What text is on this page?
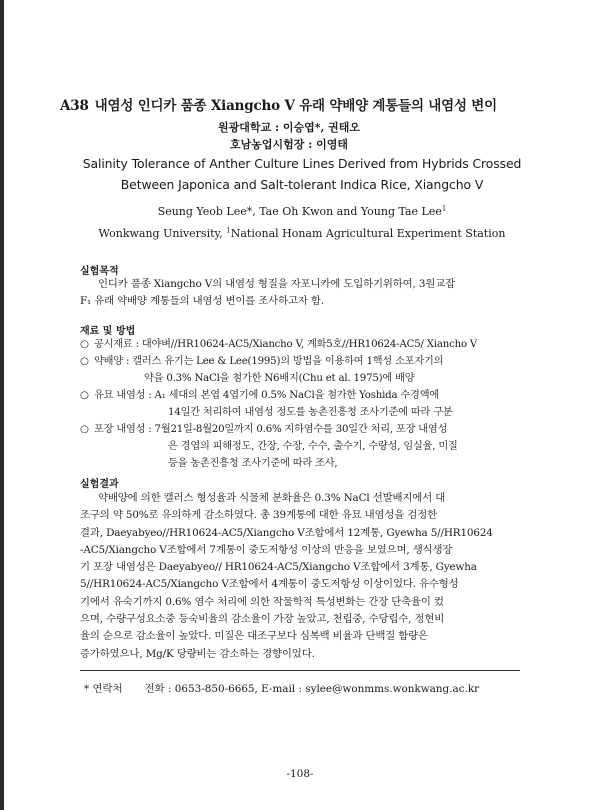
A38 내염성 인디카 품종 Xiangcho V 유래 약배양 계통들의 내염성 변이
원광대학교 : 이승엽*, 권태오
호남농업시험장 : 이영태
Salinity Tolerance of Anther Culture Lines Derived from Hybrids Crossed
Between Japonica and Salt-tolerant Indica Rice, Xiangcho V
Seung Yeob Lee*, Tae Oh Kwon and Young Tae Lee$^1$
Wonkwang University, $^1$National Honam Agricultural Experiment Station
실험목적
인디카 품종 Xiangcho V의 내염성 형질을 자포니카에 도입하기위하여, 3원교잡
F₁ 유래 약배양 계통들의 내염성 변이를 조사하고자 함.
재료 및 방법
○ 공시재료 : 대야벼//HR10624-AC5/Xiancho V, 계화5호//HR10624-AC5/ Xiancho V
○ 약배양 : 캘러스 유기는 Lee & Lee(1995)의 방법을 이용하여 1핵성 소포자기의
약을 0.3% NaCl을 첨가한 N6배지(Chu et al. 1975)에 배양
○ 유묘 내염성 : A₁ 세대의 본엽 4엽기에 0.5% NaCl을 첨가한 Yoshida 수경액에
14일간 처리하여 내염성 정도를 농촌진흥청 조사기준에 따라 구분
○ 포장 내염성 : 7월21일-8월20일까지 0.6% 지하염수를 30일간 처리, 포장 내염성
은 경엽의 피해정도, 간장, 수장, 수수, 출수기, 수량성, 임실율, 미질
등을 농촌진흥청 조사기준에 따라 조사,
실험결과
약배양에 의한 캘러스 형성율과 식물체 분화율은 0.3% NaCl 선발배지에서 대
조구의 약 50%로 유의하게 감소하였다. 총 39계통에 대한 유묘 내염성을 검정한
결과, Daeyabyeo//HR10624-AC5/Xiangcho V조합에서 12계통, Gyewha 5//HR10624
-AC5/Xiangcho V조합에서 7계통이 중도저항성 이상의 반응을 보였으며, 생식생장
기 포장 내염성은 Daeyabyeo// HR10624-AC5/Xiangcho V조합에서 3계통, Gyewha
5//HR10624-AC5/Xiangcho V조합에서 4계통이 중도저항성 이상이었다. 유수형성
기에서 유숙기까지 0.6% 염수 처리에 의한 작물학적 특성변화는 간장 단축율이 컸
으며, 수량구성요소중 등숙비율의 감소율이 가장 높았고, 천립중, 수당립수, 정현비
율의 순으로 감소율이 높았다. 미질은 대조구보다 심복백 비율과 단백질 함량은
증가하였으나, Mg/K 당량비는 감소하는 경향이었다.
* 연락처 전화 : 0653-850-6665, E-mail : sylee@wonmms.wonkwang.ac.kr
-108-
